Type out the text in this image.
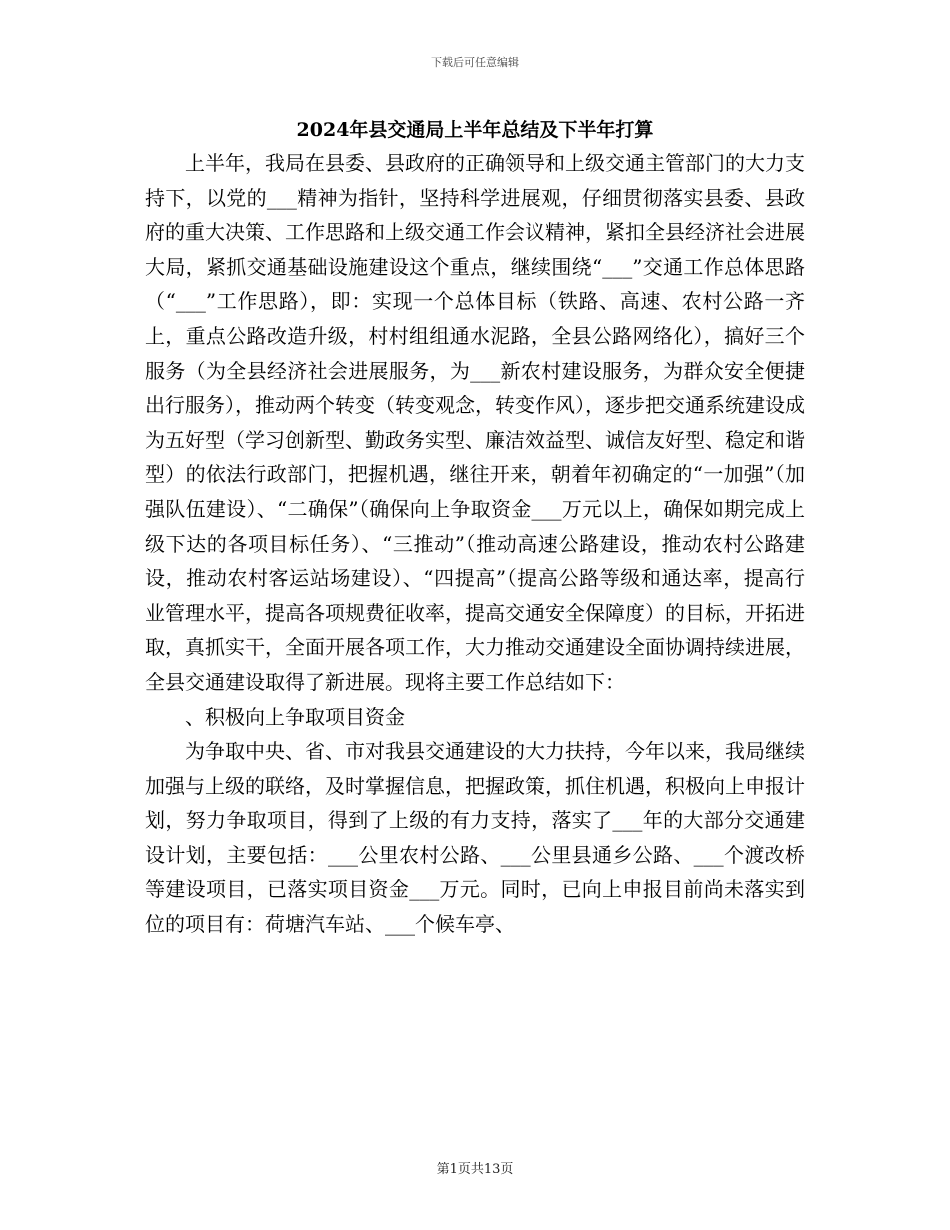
下载后可任意编辑
2024年县交通局上半年总结及下半年打算

上半年，我局在县委、县政府的正确领导和上级交通主管部门的大力支持下，以党的___精神为指针，坚持科学进展观，仔细贯彻落实县委、县政府的重大决策、工作思路和上级交通工作会议精神，紧扣全县经济社会进展大局，紧抓交通基础设施建设这个重点，继续围绕“___”交通工作总体思路（“___”工作思路），即：实现一个总体目标（铁路、高速、农村公路一齐上，重点公路改造升级，村村组组通水泥路，全县公路网络化），搞好三个服务（为全县经济社会进展服务，为___新农村建设服务，为群众安全便捷出行服务），推动两个转变（转变观念，转变作风），逐步把交通系统建设成为五好型（学习创新型、勤政务实型、廉洁效益型、诚信友好型、稳定和谐型）的依法行政部门，把握机遇，继往开来，朝着年初确定的“一加强”（加强队伍建设）、“二确保”（确保向上争取资金___万元以上，确保如期完成上级下达的各项目标任务）、“三推动”（推动高速公路建设，推动农村公路建设，推动农村客运站场建设）、“四提高”（提高公路等级和通达率，提高行业管理水平，提高各项规费征收率，提高交通安全保障度）的目标，开拓进取，真抓实干，全面开展各项工作，大力推动交通建设全面协调持续进展，全县交通建设取得了新进展。现将主要工作总结如下：

、积极向上争取项目资金

为争取中央、省、市对我县交通建设的大力扶持，今年以来，我局继续加强与上级的联络，及时掌握信息，把握政策，抓住机遇，积极向上申报计划，努力争取项目，得到了上级的有力支持，落实了___年的大部分交通建设计划，主要包括：___公里农村公路、___公里县通乡公路、___个渡改桥等建设项目，已落实项目资金___万元。同时，已向上申报目前尚未落实到位的项目有：荷塘汽车站、___个候车亭、

第1页共13页
